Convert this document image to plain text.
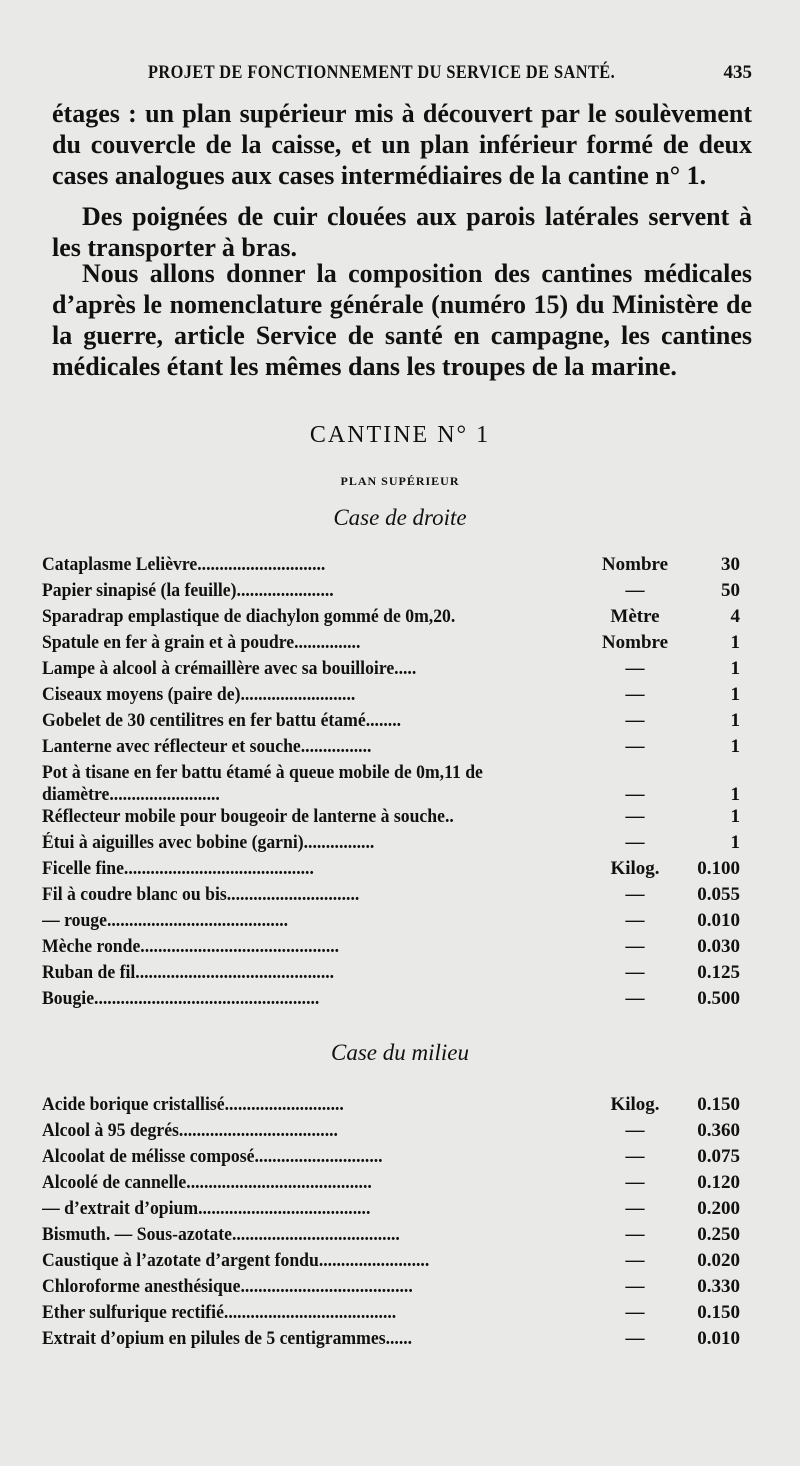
PROJET DE FONCTIONNEMENT DU SERVICE DE SANTÉ.	435
étages : un plan supérieur mis à découvert par le soulèvement
du couvercle de la caisse, et un plan inférieur formé de deux
cases analogues aux cases intermédiaires de la cantine n° 1.
Des poignées de cuir clouées aux parois latérales servent à
les transporter à bras.
Nous allons donner la composition des cantines médicales
d’après le nomenclature générale (numéro 15) du Ministère de
la guerre, article Service de santé en campagne, les cantines
médicales étant les mêmes dans les troupes de la marine.
CANTINE N° 1
PLAN SUPÉRIEUR
Case de droite
Cataplasme Lelièvre.............................	Nombre	30
Papier sinapisé (la feuille)......................	—	50
Sparadrap emplastique de diachylon gommé de 0m,20.	Mètre	4
Spatule en fer à grain et à poudre...............	Nombre	1
Lampe à alcool à crémaillère avec sa bouilloire.....	—	1
Ciseaux moyens (paire de)..........................	—	1
Gobelet de 30 centilitres en fer battu étamé........	—	1
Lanterne avec réflecteur et souche................	—	1
Pot à tisane en fer battu étamé à queue mobile de 0m,11 de diamètre.........................	—	1
Réflecteur mobile pour bougeoir de lanterne à souche..	—	1
Étui à aiguilles avec bobine (garni)................	—	1
Ficelle fine...........................................	Kilog.	0.100
Fil à coudre blanc ou bis..............................	—	0.055
— rouge.........................................	—	0.010
Mèche ronde.............................................	—	0.030
Ruban de fil.............................................	—	0.125
Bougie...................................................	—	0.500
Case du milieu
Acide borique cristallisé...........................	Kilog.	0.150
Alcool à 95 degrés....................................	—	0.360
Alcoolat de mélisse composé.............................	—	0.075
Alcoolé de cannelle..........................................	—	0.120
— d’extrait d’opium.......................................	—	0.200
Bismuth. — Sous-azotate......................................	—	0.250
Caustique à l’azotate d’argent fondu.........................	—	0.020
Chloroforme anesthésique.......................................	—	0.330
Ether sulfurique rectifié.......................................	—	0.150
Extrait d’opium en pilules de 5 centigrammes......	—	0.010
